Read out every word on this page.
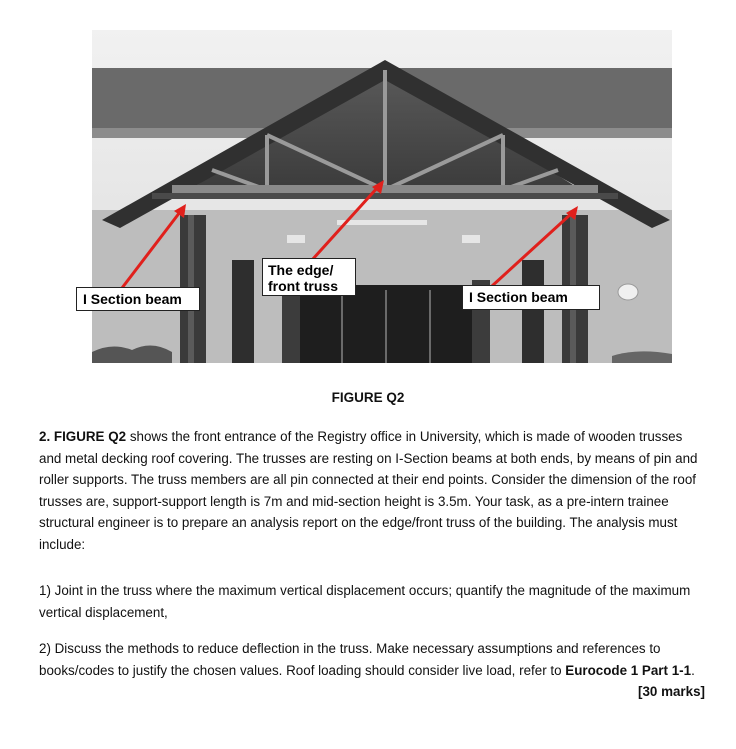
I Section beam
The edge/
front truss
I Section beam
FIGURE Q2
2. FIGURE Q2 shows the front entrance of the Registry office in University, which is made of wooden trusses and metal decking roof covering. The trusses are resting on I-Section beams at both ends, by means of pin and roller supports. The truss members are all pin connected at their end points. Consider the dimension of the roof trusses are, support-support length is 7m and mid-section height is 3.5m. Your task, as a pre-intern trainee structural engineer is to prepare an analysis report on the edge/front truss of the building. The analysis must include:
1) Joint in the truss where the maximum vertical displacement occurs; quantify the magnitude of the maximum vertical displacement,
2) Discuss the methods to reduce deflection in the truss. Make necessary assumptions and references to books/codes to justify the chosen values. Roof loading should consider live load, refer to Eurocode 1 Part 1-1.
[30 marks]
